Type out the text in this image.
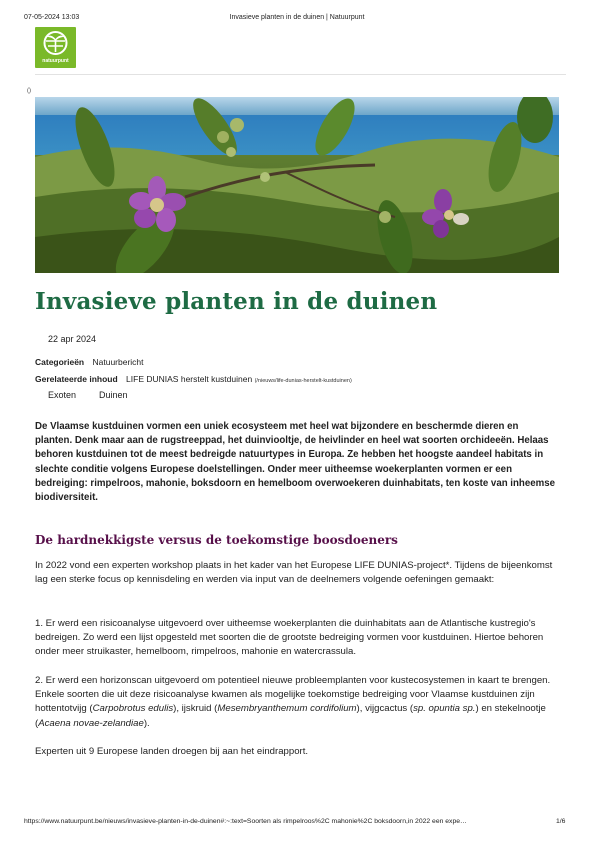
07-05-2024 13:03	Invasieve planten in de duinen | Natuurpunt
natuurpunt
()
Invasieve planten in de duinen
22 apr 2024
Categorieën Natuurbericht
Gerelateerde inhoud LIFE DUNIAS herstelt kustduinen (/nieuws/life-dunias-herstelt-kustduinen)
Exoten	Duinen
De Vlaamse kustduinen vormen een uniek ecosysteem met heel wat bijzondere en beschermde dieren en planten. Denk maar aan de rugstreeppad, het duinviooltje, de heivlinder en heel wat soorten orchideeën. Helaas behoren kustduinen tot de meest bedreigde natuurtypes in Europa. Ze hebben het hoogste aandeel habitats in slechte conditie volgens Europese doelstellingen. Onder meer uitheemse woekerplanten vormen er een bedreiging: rimpelroos, mahonie, boksdoorn en hemelboom overwoekeren duinhabitats, ten koste van inheemse biodiversiteit.
De hardnekkigste versus de toekomstige boosdoeners
In 2022 vond een experten workshop plaats in het kader van het Europese LIFE DUNIAS-project*. Tijdens de bijeenkomst lag een sterke focus op kennisdeling en werden via input van de deelnemers volgende oefeningen gemaakt:
1. Er werd een risicoanalyse uitgevoerd over uitheemse woekerplanten die duinhabitats aan de Atlantische kustregio's bedreigen. Zo werd een lijst opgesteld met soorten die de grootste bedreiging vormen voor kustduinen. Hiertoe behoren onder meer struikaster, hemelboom, rimpelroos, mahonie en watercrassula.
2. Er werd een horizonscan uitgevoerd om potentieel nieuwe probleemplanten voor kustecosystemen in kaart te brengen. Enkele soorten die uit deze risicoanalyse kwamen als mogelijke toekomstige bedreiging voor Vlaamse kustduinen zijn hottentotvijg (Carpobrotus edulis), ijskruid (Mesembryanthemum cordifolium), vijgcactus (sp. opuntia sp.) en stekelnootje (Acaena novae-zelandiae).
Experten uit 9 Europese landen droegen bij aan het eindrapport.
https://www.natuurpunt.be/nieuws/invasieve-planten-in-de-duinen#:~:text=Soorten als rimpelroos%2C mahonie%2C boksdoorn,in 2022 een expe…	1/6
